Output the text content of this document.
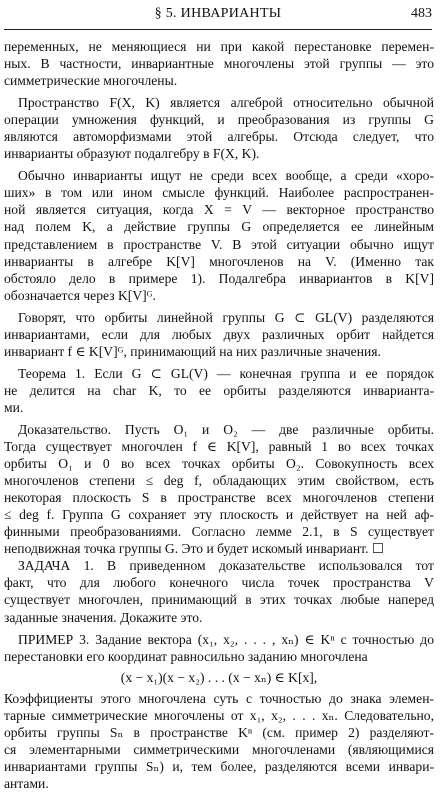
§ 5. ИНВАРИАНТЫ	483
переменных, не меняющиеся ни при какой перестановке перемен-
ных. В частности, инвариантные многочлены этой группы — это
симметрические многочлены.
Пространство F(X, K) является алгеброй относительно обычной
операции умножения функций, и преобразования из группы G
являются автоморфизмами этой алгебры. Отсюда следует, что
инварианты образуют подалгебру в F(X, K).
Обычно инварианты ищут не среди всех вообще, а среди «хоро-
ших» в том или ином смысле функций. Наиболее распространен-
ной является ситуация, когда X = V — векторное пространство
над полем K, а действие группы G определяется ее линейным
представлением в пространстве V. В этой ситуации обычно ищут
инварианты в алгебре K[V] многочленов на V. (Именно так
обстояло дело в примере 1). Подалгебра инвариантов в K[V]
обозначается через K[V]ᴳ.
Говорят, что орбиты линейной группы G ⊂ GL(V) разделяются
инвариантами, если для любых двух различных орбит найдется
инвариант f ∈ K[V]ᴳ, принимающий на них различные значения.
Теорема 1. Если G ⊂ GL(V) — конечная группа и ее порядок
не делится на char K, то ее орбиты разделяются инварианта-
ми.
Доказательство. Пусть O₁ и O₂ — две различные орбиты.
Тогда существует многочлен f ∈ K[V], равный 1 во всех точках
орбиты O₁ и 0 во всех точках орбиты O₂. Совокупность всех
многочленов степени ≤ deg f, обладающих этим свойством, есть
некоторая плоскость S в пространстве всех многочленов степени
≤ deg f. Группа G сохраняет эту плоскость и действует на ней аф-
финными преобразованиями. Согласно лемме 2.1, в S существует
неподвижная точка группы G. Это и будет искомый инвариант. ☐
ЗАДАЧА 1. В приведенном доказательстве использовался тот
факт, что для любого конечного числа точек пространства V
существует многочлен, принимающий в этих точках любые наперед
заданные значения. Докажите это.
ПРИМЕР 3. Задание вектора (x₁, x₂, . . . , xₙ) ∈ Kⁿ с точностью до
перестановки его координат равносильно заданию многочлена
(x − x₁)(x − x₂) . . . (x − xₙ) ∈ K[x],
Коэффициенты этого многочлена суть с точностью до знака элемен-
тарные симметрические многочлены от x₁, x₂, . . . xₙ. Следовательно,
орбиты группы Sₙ в пространстве Kⁿ (см. пример 2) разделяют-
ся элементарными симметрическими многочленами (являющимися
инвариантами группы Sₙ) и, тем более, разделяются всеми инвари-
антами.
